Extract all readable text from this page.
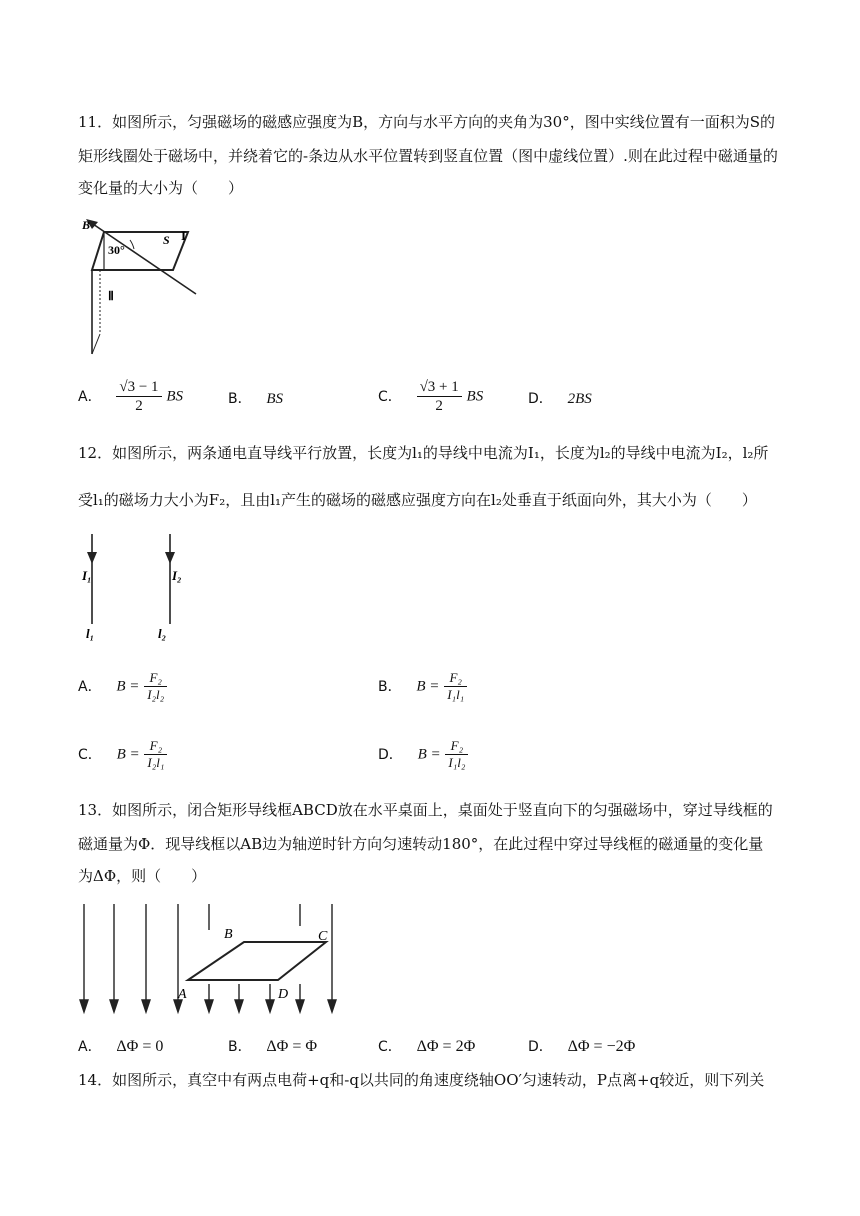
11．如图所示，匀强磁场的磁感应强度为B，方向与水平方向的夹角为30°，图中实线位置有一面积为S的
矩形线圈处于磁场中，并绕着它的-条边从水平位置转到竖直位置（图中虚线位置）.则在此过程中磁通量的
变化量的大小为（　　）
B
30°
S I
Ⅱ
A． $\frac{√3 - 1}{2}$ BS	B． BS	C． $\frac{√3 + 1}{2}$ BS	D． 2BS
12．如图所示，两条通电直导线平行放置，长度为l₁的导线中电流为I₁，长度为l₂的导线中电流为I₂，l₂所
受l₁的磁场力大小为F₂，且由l₁产生的磁场的磁感应强度方向在l₂处垂直于纸面向外，其大小为（　　）
I₁	I₂
l₁	l₂
A． $B = \frac{\text{F₂}}{\text{I₂l₂}}$	B． $B = \frac{\text{F₂}}{\text{I₁l₁}}$
C． $B = \frac{\text{F₂}}{\text{I₂l₁}}$	D． $B = \frac{\text{F₂}}{\text{I₁l₂}}$
13．如图所示，闭合矩形导线框ABCD放在水平桌面上，桌面处于竖直向下的匀强磁场中，穿过导线框的
磁通量为Φ．现导线框以AB边为轴逆时针方向匀速转动180°，在此过程中穿过导线框的磁通量的变化量
为ΔΦ，则（　　）
B	C
A	D
A． ΔΦ = 0	B． ΔΦ = Φ	C． ΔΦ = 2Φ	D． ΔΦ = −2Φ
14．如图所示，真空中有两点电荷+q和-q以共同的角速度绕轴OO′匀速转动，P点离+q较近，则下列关
